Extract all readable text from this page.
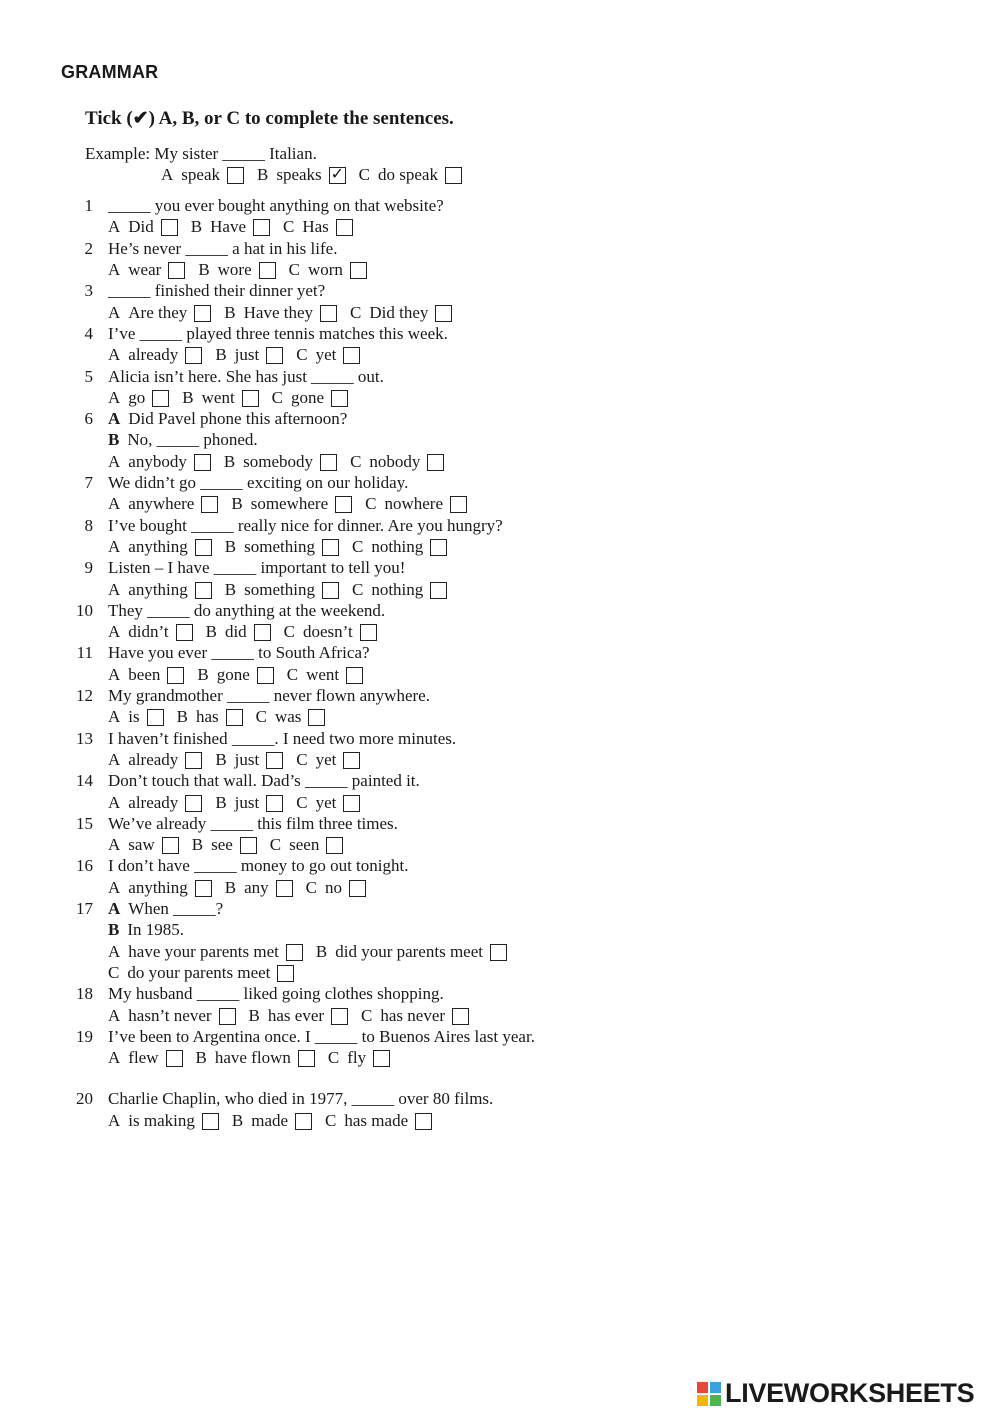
GRAMMAR
Tick (✔) A, B, or C to complete the sentences.
Example: My sister _____ Italian.
A speak B speaks
✓ C do speak
1 _____ you ever bought anything on that website?
A Did B Have C Has
2 He’s never _____ a hat in his life.
A wear B wore C worn
3 _____ finished their dinner yet?
A Are they B Have they C Did they
4 I’ve _____ played three tennis matches this week.
A already B just C yet
5 Alicia isn’t here. She has just _____ out.
A go B went C gone
6 A Did Pavel phone this afternoon?
B No, _____ phoned.
A anybody B somebody C nobody
7 We didn’t go _____ exciting on our holiday.
A anywhere B somewhere C nowhere
8 I’ve bought _____ really nice for dinner. Are you hungry?
A anything B something C nothing
9 Listen – I have _____ important to tell you!
A anything B something C nothing
10 They _____ do anything at the weekend.
A didn’t B did C doesn’t
11 Have you ever _____ to South Africa?
A been B gone C went
12 My grandmother _____ never flown anywhere.
A is B has C was
13 I haven’t finished _____. I need two more minutes.
A already B just C yet
14 Don’t touch that wall. Dad’s _____ painted it.
A already B just C yet
15 We’ve already _____ this film three times.
A saw B see C seen
16 I don’t have _____ money to go out tonight.
A anything B any C no
17 A When _____?
B In 1985.
A have your parents met B did your parents meet
C do your parents meet
18 My husband _____ liked going clothes shopping.
A hasn’t never B has ever C has never
19 I’ve been to Argentina once. I _____ to Buenos Aires last year.
A flew B have flown C fly
20 Charlie Chaplin, who died in 1977, _____ over 80 films.
A is making B made C has made
LIVEWORKSHEETS
